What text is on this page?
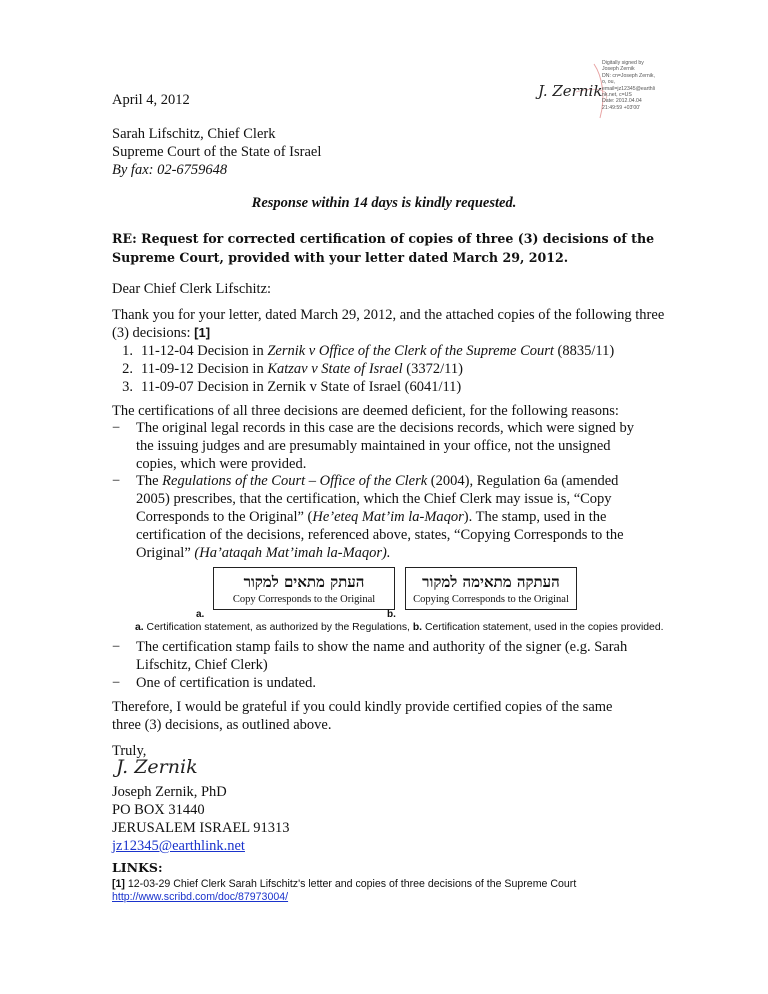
J. Zernik
Digitally signed by
Joseph Zernik
DN: cn=Joseph Zernik,
o, ou,
email=jz12345@earthli
nk.net, c=US
Date: 2012.04.04
21:49:59 +03'00'
April 4, 2012
Sarah Lifschitz, Chief Clerk
Supreme Court of the State of Israel
By fax: 02-6759648
Response within 14 days is kindly requested.
RE: Request for corrected certification of copies of three (3) decisions of the
Supreme Court, provided with your letter dated March 29, 2012.
Dear Chief Clerk Lifschitz:
Thank you for your letter, dated March 29, 2012, and the attached copies of the following three
(3) decisions: [1]
1. 11-12-04 Decision in Zernik v Office of the Clerk of the Supreme Court (8835/11)
2. 11-09-12 Decision in Katzav v State of Israel (3372/11)
3. 11-09-07 Decision in Zernik v State of Israel (6041/11)
The certifications of all three decisions are deemed deficient, for the following reasons:
− The original legal records in this case are the decisions records, which were signed by
the issuing judges and are presumably maintained in your office, not the unsigned
copies, which were provided.
− The Regulations of the Court – Office of the Clerk (2004), Regulation 6a (amended
2005) prescribes, that the certification, which the Chief Clerk may issue is, “Copy
Corresponds to the Original” (He’eteq Mat’im la-Maqor). The stamp, used in the
certification of the decisions, referenced above, states, “Copying Corresponds to the
Original” (Ha’ataqah Mat’imah la-Maqor).
העתק מתאים למקור
Copy Corresponds to the Original
a.
העתקה מתאימה למקור
Copying Corresponds to the Original
b.
a. Certification statement, as authorized by the Regulations, b. Certification statement, used in the copies provided.
− The certification stamp fails to show the name and authority of the signer (e.g. Sarah
Lifschitz, Chief Clerk)
− One of certification is undated.
Therefore, I would be grateful if you could kindly provide certified copies of the same
three (3) decisions, as outlined above.
Truly,
J. Zernik
Joseph Zernik, PhD
PO BOX 31440
JERUSALEM ISRAEL 91313
jz12345@earthlink.net
LINKS:
[1] 12-03-29 Chief Clerk Sarah Lifschitz's letter and copies of three decisions of the Supreme Court
http://www.scribd.com/doc/87973004/
